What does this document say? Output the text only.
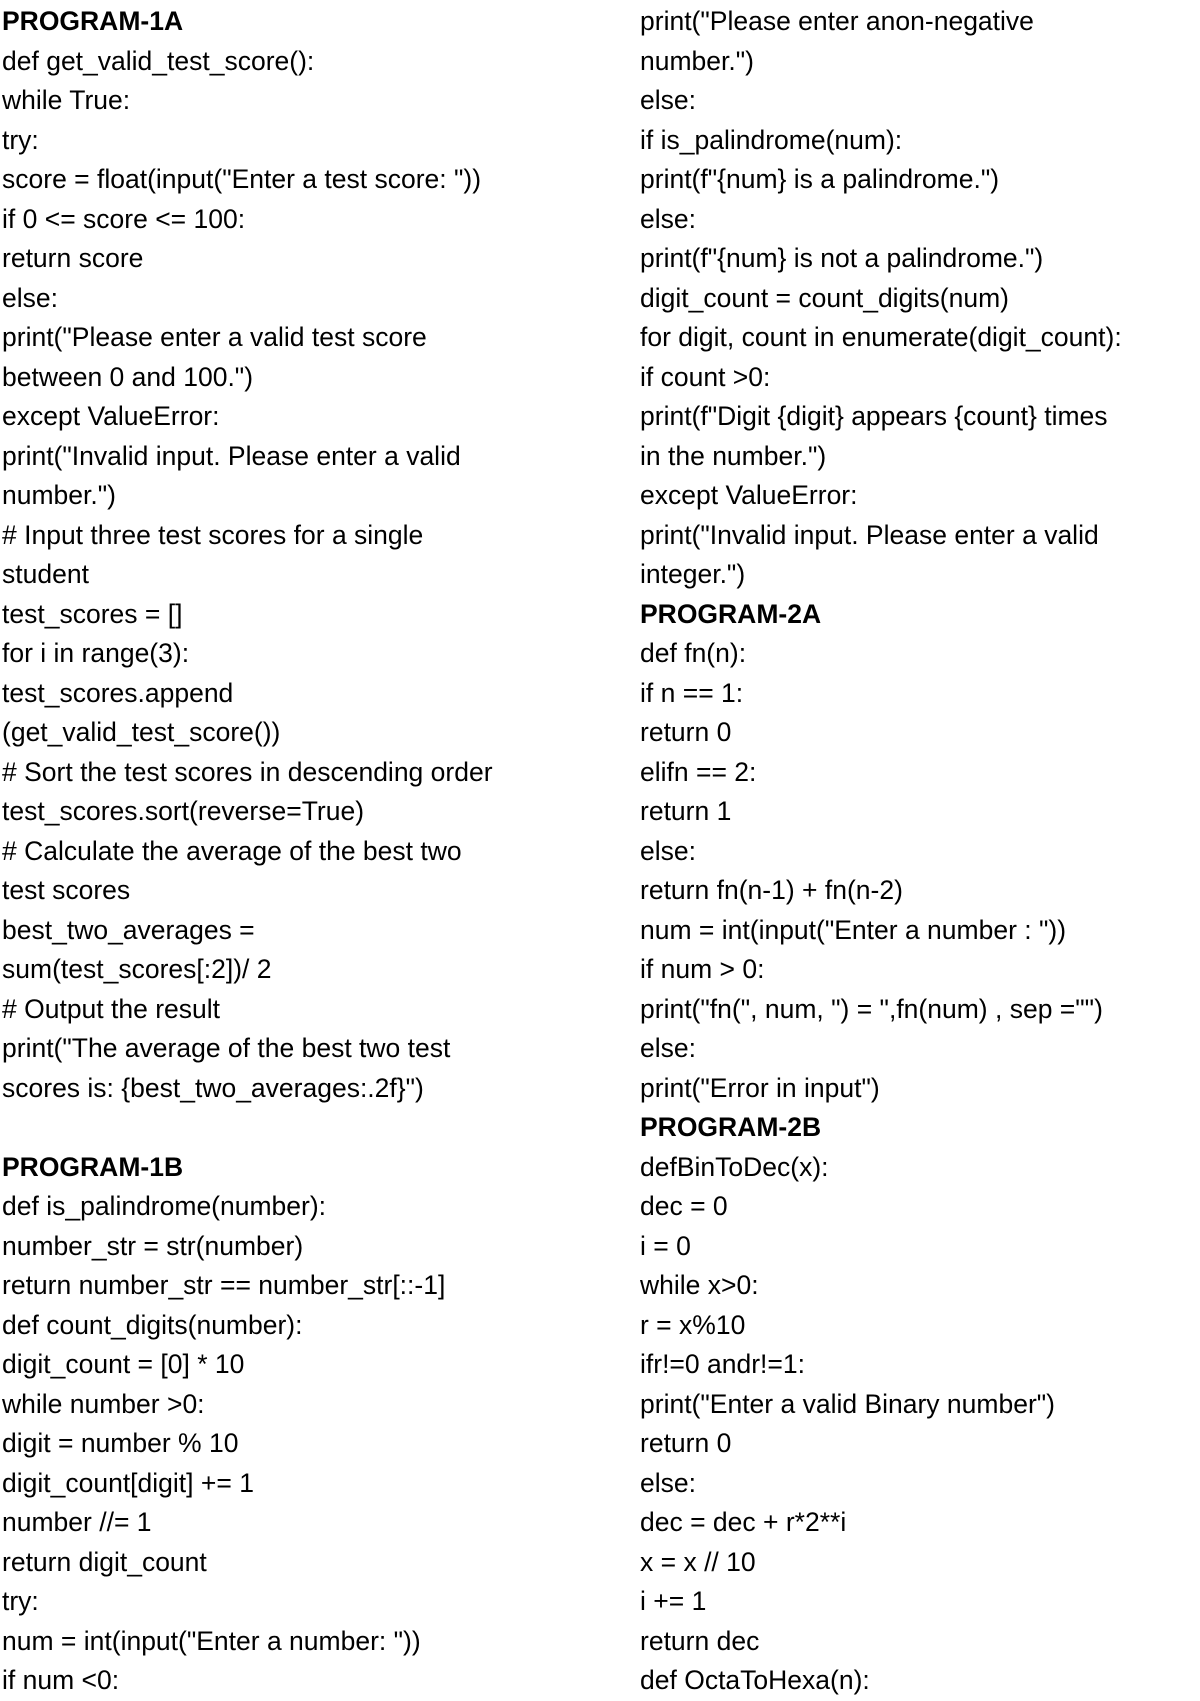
PROGRAM-1A
def get_valid_test_score():
while True:
try:
score = float(input("Enter a test score: "))
if 0 <= score <= 100:
return score
else:
print("Please enter a valid test score
between 0 and 100.")
except ValueError:
print("Invalid input. Please enter a valid
number.")
# Input three test scores for a single
student
test_scores = []
for i in range(3):
test_scores.append
(get_valid_test_score())
# Sort the test scores in descending order
test_scores.sort(reverse=True)
# Calculate the average of the best two
test scores
best_two_averages =
sum(test_scores[:2])/ 2
# Output the result
print("The average of the best two test
scores is: {best_two_averages:.2f}")
PROGRAM-1B
def is_palindrome(number):
number_str = str(number)
return number_str == number_str[::-1]
def count_digits(number):
digit_count = [0] * 10
while number >0:
digit = number % 10
digit_count[digit] += 1
number //= 1
return digit_count
try:
num = int(input("Enter a number: "))
if num <0:
print("Please enter anon-negative
number.")
else:
if is_palindrome(num):
print(f"{num} is a palindrome.")
else:
print(f"{num} is not a palindrome.")
digit_count = count_digits(num)
for digit, count in enumerate(digit_count):
if count >0:
print(f"Digit {digit} appears {count} times
in the number.")
except ValueError:
print("Invalid input. Please enter a valid
integer.")
PROGRAM-2A
def fn(n):
if n == 1:
return 0
elifn == 2:
return 1
else:
return fn(n-1) + fn(n-2)
num = int(input("Enter a number : "))
if num > 0:
print("fn(", num, ") = ",fn(num) , sep ="")
else:
print("Error in input")
PROGRAM-2B
defBinToDec(x):
dec = 0
i = 0
while x>0:
r = x%10
ifr!=0 andr!=1:
print("Enter a valid Binary number")
return 0
else:
dec = dec + r*2**i
x = x // 10
i += 1
return dec
def OctaToHexa(n):
